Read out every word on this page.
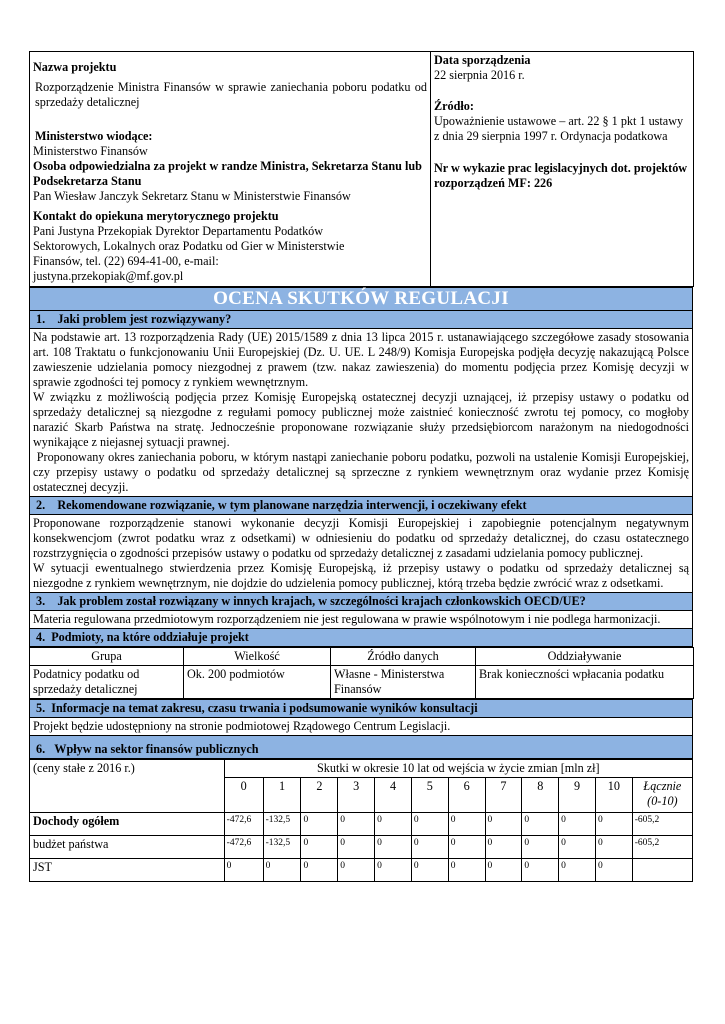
Nazwa projektu

Rozporządzenie Ministra Finansów w sprawie zaniechania poboru podatku od sprzedaży detalicznej

Ministerstwo wiodące:

Ministerstwo Finansów

Osoba odpowiedzialna za projekt w randze Ministra, Sekretarza Stanu lub Podsekretarza Stanu

Pan Wiesław Janczyk Sekretarz Stanu w Ministerstwie Finansów

Kontakt do opiekuna merytorycznego projektu

Pani Justyna Przekopiak Dyrektor Departamentu Podatków Sektorowych, Lokalnych oraz Podatku od Gier w Ministerstwie Finansów, tel. (22) 694-41-00, e-mail: justyna.przekopiak@mf.gov.pl

Data sporządzenia

22 sierpnia 2016 r.

Źródło:

Upoważnienie ustawowe – art. 22 § 1 pkt 1 ustawy z dnia 29 sierpnia 1997 r. Ordynacja podatkowa

Nr w wykazie prac legislacyjnych dot. projektów rozporządzeń MF: 226

OCENA SKUTKÓW REGULACJI
1.    Jaki problem jest rozwiązywany?

Na podstawie art. 13 rozporządzenia Rady (UE) 2015/1589 z dnia 13 lipca 2015 r. ustanawiającego szczegółowe zasady stosowania art. 108 Traktatu o funkcjonowaniu Unii Europejskiej (Dz. U. UE. L 248/9) Komisja Europejska podjęła decyzję nakazującą Polsce zawieszenie udzielania pomocy niezgodnej z prawem (tzw. nakaz zawieszenia) do momentu podjęcia przez Komisję decyzji w sprawie zgodności tej pomocy z rynkiem wewnętrznym.

W związku z możliwością podjęcia przez Komisję Europejską ostatecznej decyzji uznającej, iż przepisy ustawy o podatku od sprzedaży detalicznej są niezgodne z regułami pomocy publicznej może zaistnieć konieczność zwrotu tej pomocy, co mogłoby narazić Skarb Państwa na stratę. Jednocześnie proponowane rozwiązanie służy przedsiębiorcom narażonym na niedogodności wynikające z niejasnej sytuacji prawnej.

Proponowany okres zaniechania poboru, w którym nastąpi zaniechanie poboru podatku, pozwoli na ustalenie Komisji Europejskiej, czy przepisy ustawy o podatku od sprzedaży detalicznej są sprzeczne z rynkiem wewnętrznym oraz wydanie przez Komisję ostatecznej decyzji.

2.    Rekomendowane rozwiązanie, w tym planowane narzędzia interwencji, i oczekiwany efekt

Proponowane rozporządzenie stanowi wykonanie decyzji Komisji Europejskiej i zapobiegnie potencjalnym negatywnym konsekwencjom (zwrot podatku wraz z odsetkami) w odniesieniu do podatku od sprzedaży detalicznej, do czasu ostatecznego rozstrzygnięcia o zgodności przepisów ustawy o podatku od sprzedaży detalicznej z zasadami udzielania pomocy publicznej.

W sytuacji ewentualnego stwierdzenia przez Komisję Europejską, iż przepisy ustawy o podatku od sprzedaży detalicznej są niezgodne z rynkiem wewnętrznym, nie dojdzie do udzielenia pomocy publicznej, którą trzeba będzie zwrócić wraz z odsetkami.

3.    Jak problem został rozwiązany w innych krajach, w szczególności krajach członkowskich OECD/UE?

Materia regulowana przedmiotowym rozporządzeniem nie jest regulowana w prawie wspólnotowym i nie podlega harmonizacji.

4.  Podmioty, na które oddziałuje projekt
Grupa	Wielkość	Źródło danych	Oddziaływanie
Podatnicy podatku od sprzedaży detalicznej	Ok. 200 podmiotów	Własne - Ministerstwa Finansów	Brak konieczności wpłacania podatku
5.  Informacje na temat zakresu, czasu trwania i podsumowanie wyników konsultacji

Projekt będzie udostępniony na stronie podmiotowej Rządowego Centrum Legislacji.

6.   Wpływ na sektor finansów publicznych
(ceny stałe z 2016 r.)	Skutki w okresie 10 lat od wejścia w życie zmian [mln zł]											
	0	1	2	3	4	5	6	7	8	9	10	Łącznie (0-10)
Dochody ogółem	-472,6	-132,5	0	0	0	0	0	0	0	0	0	-605,2
budżet państwa	-472,6	-132,5	0	0	0	0	0	0	0	0	0	-605,2
JST	0	0	0	0	0	0	0	0	0	0	0	
